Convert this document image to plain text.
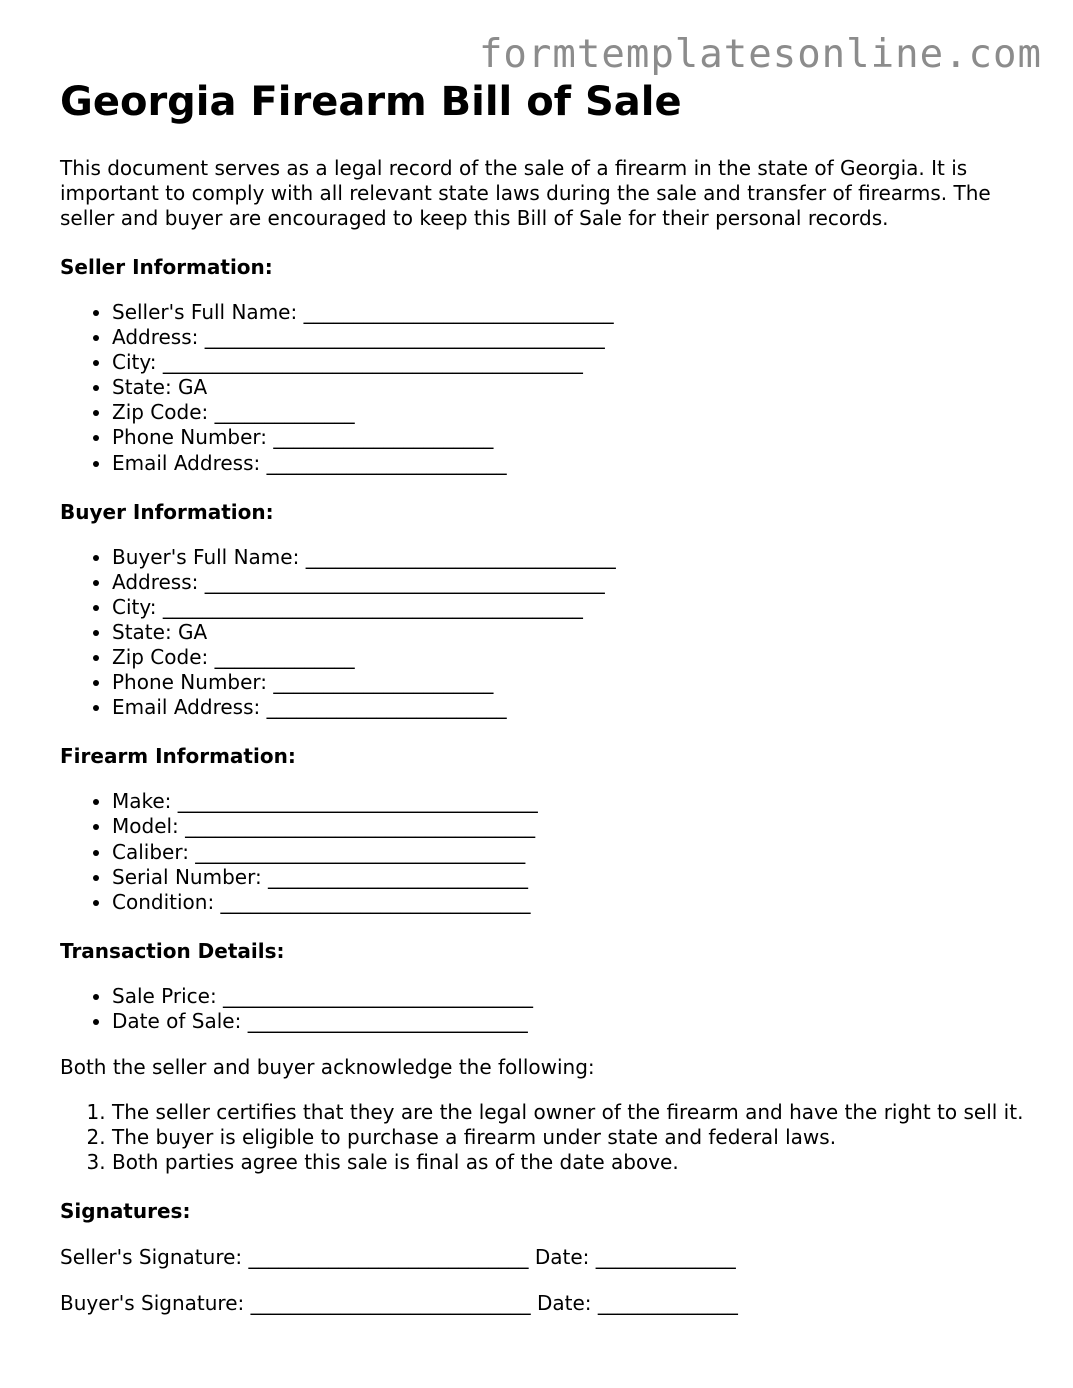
formtemplatesonline.com
Georgia Firearm Bill of Sale

This document serves as a legal record of the sale of a firearm in the state of Georgia. It is important to comply with all relevant state laws during the sale and transfer of firearms. The seller and buyer are encouraged to keep this Bill of Sale for their personal records.

Seller Information:
• Seller's Full Name: _______________________________
• Address: ________________________________________
• City: __________________________________________
• State: GA
• Zip Code: ______________
• Phone Number: ______________________
• Email Address: ________________________
Buyer Information:
• Buyer's Full Name: _______________________________
• Address: ________________________________________
• City: __________________________________________
• State: GA
• Zip Code: ______________
• Phone Number: ______________________
• Email Address: ________________________
Firearm Information:
• Make: ____________________________________
• Model: ___________________________________
• Caliber: _________________________________
• Serial Number: __________________________
• Condition: _______________________________
Transaction Details:
• Sale Price: _______________________________
• Date of Sale: ____________________________

Both the seller and buyer acknowledge the following:

1. The seller certifies that they are the legal owner of the firearm and have the right to sell it.
2. The buyer is eligible to purchase a firearm under state and federal laws.
3. Both parties agree this sale is final as of the date above.
Signatures:

Seller's Signature: ____________________________ Date: ______________

Buyer's Signature: ____________________________ Date: ______________
